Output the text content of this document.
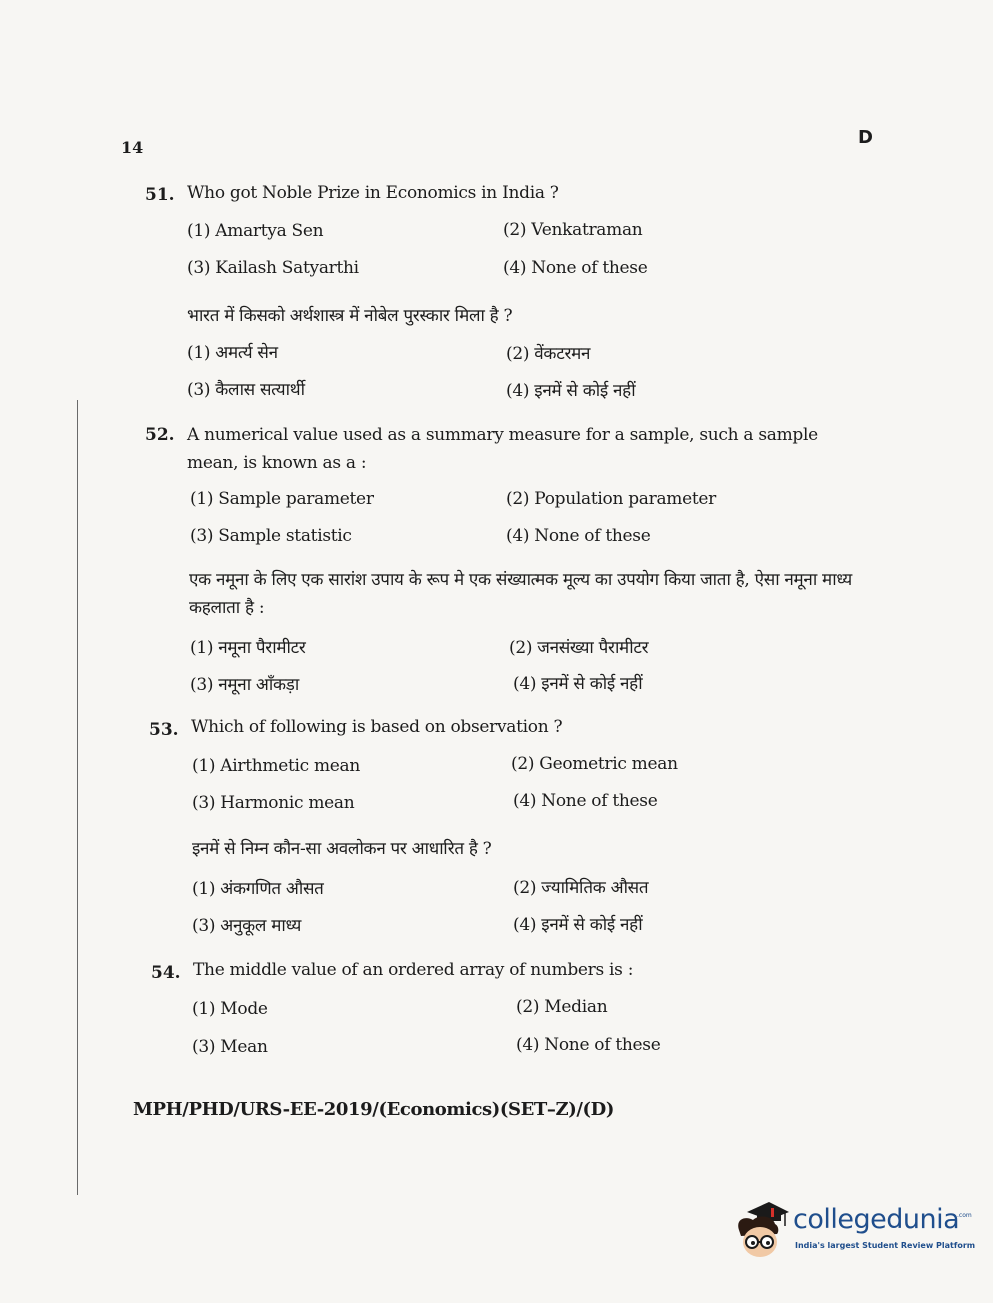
14	D
51. Who got Noble Prize in Economics in India ?
(1) Amartya Sen	(2) Venkatraman
(3) Kailash Satyarthi	(4) None of these
भारत में किसको अर्थशास्त्र में नोबेल पुरस्कार मिला है ?
(1) अमर्त्य सेन	(2) वेंकटरमन
(3) कैलास सत्यार्थी	(4) इनमें से कोई नहीं
52. A numerical value used as a summary measure for a sample, such a sample mean, is known as a :
(1) Sample parameter	(2) Population parameter
(3) Sample statistic	(4) None of these
एक नमूना के लिए एक सारांश उपाय के रूप मे एक संख्यात्मक मूल्य का उपयोग किया जाता है, ऐसा नमूना माध्य कहलाता है :
(1) नमूना पैरामीटर	(2) जनसंख्या पैरामीटर
(3) नमूना आँकड़ा	(4) इनमें से कोई नहीं
53. Which of following is based on observation ?
(1) Airthmetic mean	(2) Geometric mean
(3) Harmonic mean	(4) None of these
इनमें से निम्न कौन-सा अवलोकन पर आधारित है ?
(1) अंकगणित औसत	(2) ज्यामितिक औसत
(3) अनुकूल माध्य	(4) इनमें से कोई नहीं
54. The middle value of an ordered array of numbers is :
(1) Mode	(2) Median
(3) Mean	(4) None of these
MPH/PHD/URS-EE-2019/(Economics)(SET–Z)/(D)
collegedunia
.com
India's largest Student Review Platform
